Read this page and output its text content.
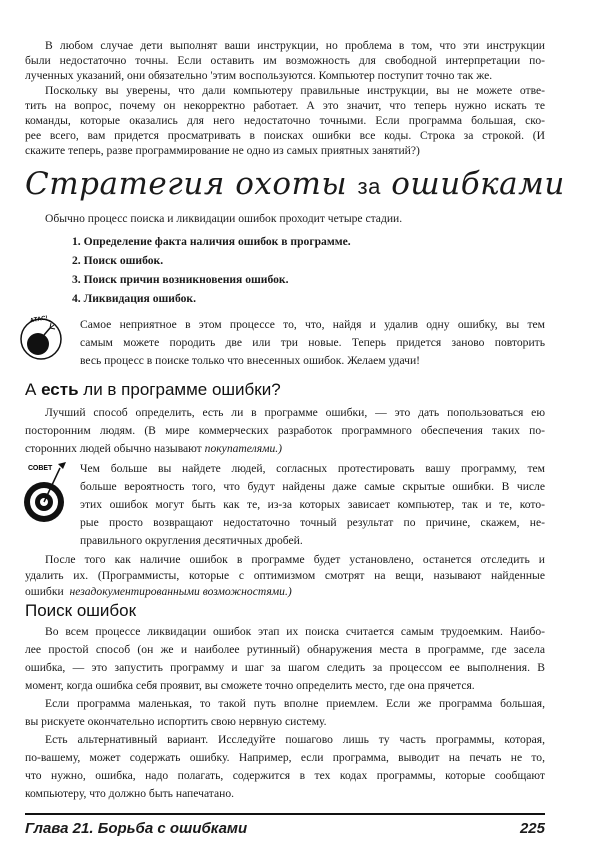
В любом случае дети выполнят ваши инструкции, но проблема в том, что эти инструкции
были недостаточно точны. Если оставить им возможность для свободной интерпретации по-
лученных указаний, они обязательно 'этим воспользуются. Компьютер поступит точно так же.
Поскольку вы уверены, что дали компьютеру правильные инструкции, вы не можете отве-
тить на вопрос, почему он некорректно работает. А это значит, что теперь нужно искать те
команды, которые оказались для него недостаточно точными. Если программа большая, ско-
рее всего, вам придется просматривать в поисках ошибки все коды. Строка за строкой. (И
скажите теперь, разве программирование не одно из самых приятных занятий?)
Стратегия охоты за ошибками
Обычно процесс поиска и ликвидации ошибок проходит четыре стадии.
1. Определение факта наличия ошибок в программе.
2. Поиск ошибок.
3. Поиск причин возникновения ошибок.
4. Ликвидация ошибок.
АТАС!	Самое неприятное в этом процессе то, что, найдя и удалив одну ошибку, вы тем
самым можете породить две или три новые. Теперь придется заново повторить
весь процесс в поиске только что внесенных ошибок. Желаем удачи!
А есть ли в программе ошибки?
Лучший способ определить, есть ли в программе ошибки, — это дать попользоваться ею
посторонним людям. (В мире коммерческих разработок программного обеспечения таких по-
сторонних людей обычно называют покупателями.)
СОВЕТ Чем больше вы найдете людей, согласных протестировать вашу программу, тем
больше вероятность того, что будут найдены даже самые скрытые ошибки. В числе
этих ошибок могут быть как те, из-за которых зависает компьютер, так и те, кото-
рые просто возвращают недостаточно точный результат по причине, скажем, не-
правильного округления десятичных дробей.
После того как наличие ошибок в программе будет установлено, останется отследить и
удалить их. (Программисты, которые с оптимизмом смотрят на вещи, называют найденные
ошибки незадокументированными возможностями.)
Поиск ошибок
Во всем процессе ликвидации ошибок этап их поиска считается самым трудоемким. Наибо-
лее простой способ (он же и наиболее рутинный) обнаружения места в программе, где засела
ошибка, — это запустить программу и шаг за шагом следить за процессом ее выполнения. В
момент, когда ошибка себя проявит, вы сможете точно определить место, где она прячется.
Если программа маленькая, то такой путь вполне приемлем. Если же программа большая,
вы рискуете окончательно испортить свою нервную систему.
Есть альтернативный вариант. Исследуйте пошагово лишь ту часть программы, которая,
по-вашему, может содержать ошибку. Например, если программа, выводит на печать не то,
что нужно, ошибка, надо полагать, содержится в тех кодах программы, которые сообщают
компьютеру, что должно быть напечатано.
Глава 21. Борьба с ошибками	225
